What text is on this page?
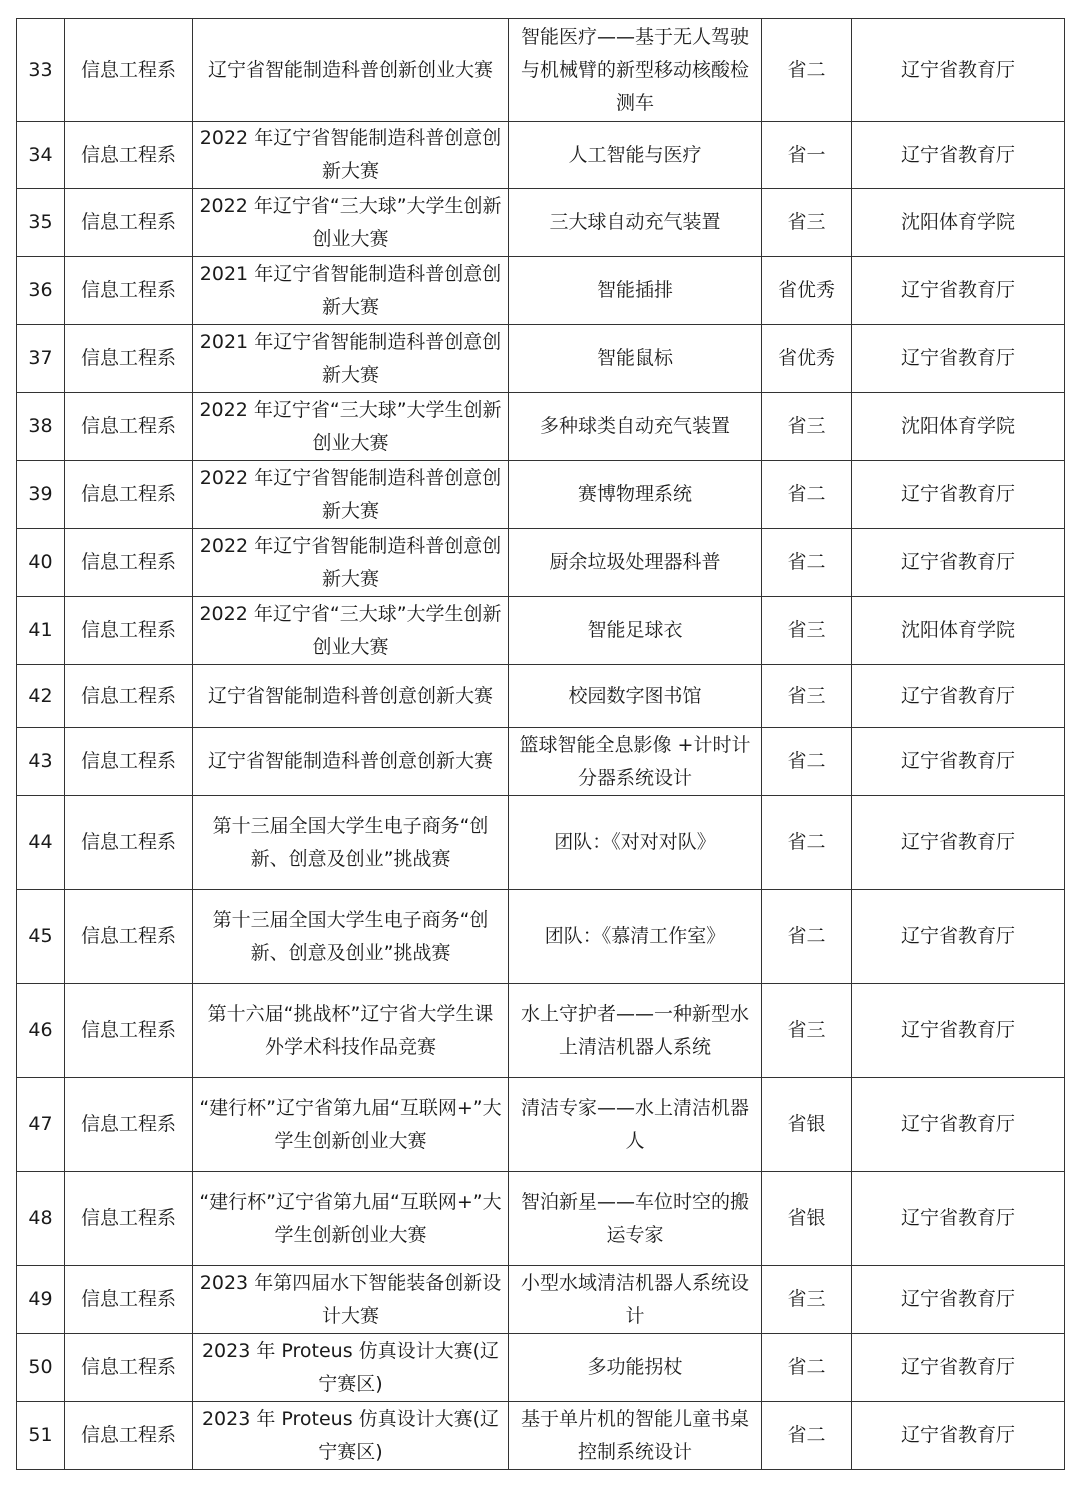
33	信息工程系	辽宁省智能制造科普创新创业大赛	智能医疗——基于无人驾驶与机械臂的新型移动核酸检测车	省二	辽宁省教育厅
34	信息工程系	2022 年辽宁省智能制造科普创意创新大赛	人工智能与医疗	省一	辽宁省教育厅
35	信息工程系	2022 年辽宁省“三大球”大学生创新创业大赛	三大球自动充气装置	省三	沈阳体育学院
36	信息工程系	2021 年辽宁省智能制造科普创意创新大赛	智能插排	省优秀	辽宁省教育厅
37	信息工程系	2021 年辽宁省智能制造科普创意创新大赛	智能鼠标	省优秀	辽宁省教育厅
38	信息工程系	2022 年辽宁省“三大球”大学生创新创业大赛	多种球类自动充气装置	省三	沈阳体育学院
39	信息工程系	2022 年辽宁省智能制造科普创意创新大赛	赛博物理系统	省二	辽宁省教育厅
40	信息工程系	2022 年辽宁省智能制造科普创意创新大赛	厨余垃圾处理器科普	省二	辽宁省教育厅
41	信息工程系	2022 年辽宁省“三大球”大学生创新创业大赛	智能足球衣	省三	沈阳体育学院
42	信息工程系	辽宁省智能制造科普创意创新大赛	校园数字图书馆	省三	辽宁省教育厅
43	信息工程系	辽宁省智能制造科普创意创新大赛	篮球智能全息影像 +计时计分器系统设计	省二	辽宁省教育厅
44	信息工程系	第十三届全国大学生电子商务“创新、创意及创业”挑战赛	团队：《对对对队》	省二	辽宁省教育厅
45	信息工程系	第十三届全国大学生电子商务“创新、创意及创业”挑战赛	团队：《慕清工作室》	省二	辽宁省教育厅
46	信息工程系	第十六届“挑战杯”辽宁省大学生课外学术科技作品竞赛	水上守护者——一种新型水上清洁机器人系统	省三	辽宁省教育厅
47	信息工程系	“建行杯”辽宁省第九届“互联网+”大学生创新创业大赛	清洁专家——水上清洁机器人	省银	辽宁省教育厅
48	信息工程系	“建行杯”辽宁省第九届“互联网+”大学生创新创业大赛	智泊新星——车位时空的搬运专家	省银	辽宁省教育厅
49	信息工程系	2023 年第四届水下智能装备创新设计大赛	小型水域清洁机器人系统设计	省三	辽宁省教育厅
50	信息工程系	2023 年 Proteus 仿真设计大赛(辽宁赛区)	多功能拐杖	省二	辽宁省教育厅
51	信息工程系	2023 年 Proteus 仿真设计大赛(辽宁赛区)	基于单片机的智能儿童书桌控制系统设计	省二	辽宁省教育厅
